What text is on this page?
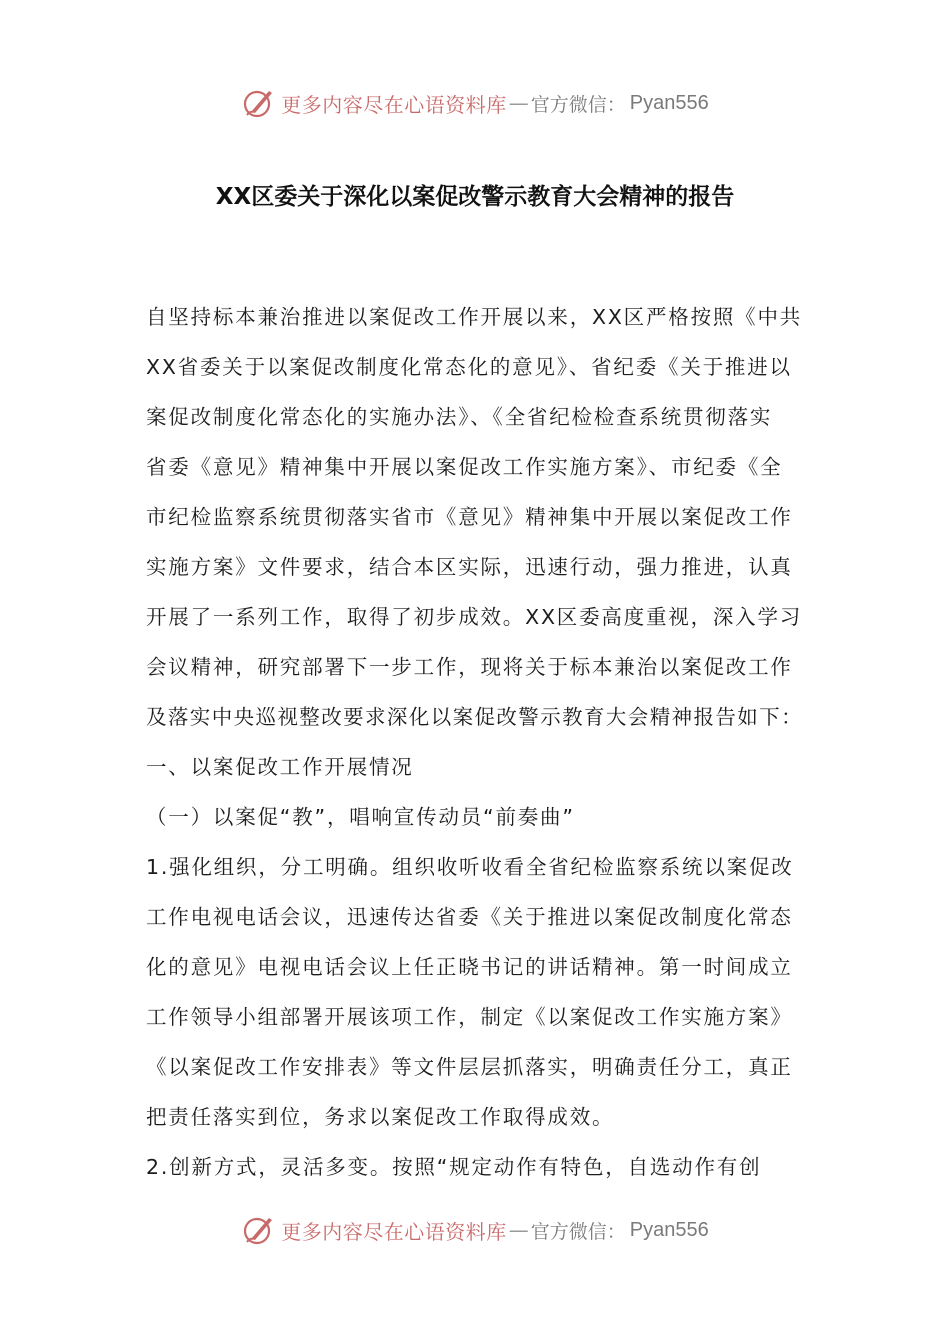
更多内容尽在心语资料库 — 官方微信： Pyan556
XX区委关于深化以案促改警示教育大会精神的报告
自坚持标本兼治推进以案促改工作开展以来，XX区严格按照《中共
XX省委关于以案促改制度化常态化的意见》、省纪委《关于推进以
案促改制度化常态化的实施办法》、《全省纪检检查系统贯彻落实
省委《意见》精神集中开展以案促改工作实施方案》、市纪委《全
市纪检监察系统贯彻落实省市《意见》精神集中开展以案促改工作
实施方案》文件要求，结合本区实际，迅速行动，强力推进，认真
开展了一系列工作，取得了初步成效。XX区委高度重视，深入学习
会议精神，研究部署下一步工作，现将关于标本兼治以案促改工作
及落实中央巡视整改要求深化以案促改警示教育大会精神报告如下：
一、以案促改工作开展情况
（一）以案促“教”，唱响宣传动员“前奏曲”
1.强化组织，分工明确。组织收听收看全省纪检监察系统以案促改
工作电视电话会议，迅速传达省委《关于推进以案促改制度化常态
化的意见》电视电话会议上任正晓书记的讲话精神。第一时间成立
工作领导小组部署开展该项工作，制定《以案促改工作实施方案》
《以案促改工作安排表》等文件层层抓落实，明确责任分工，真正
把责任落实到位，务求以案促改工作取得成效。
2.创新方式，灵活多变。按照“规定动作有特色，自选动作有创
更多内容尽在心语资料库 — 官方微信： Pyan556
